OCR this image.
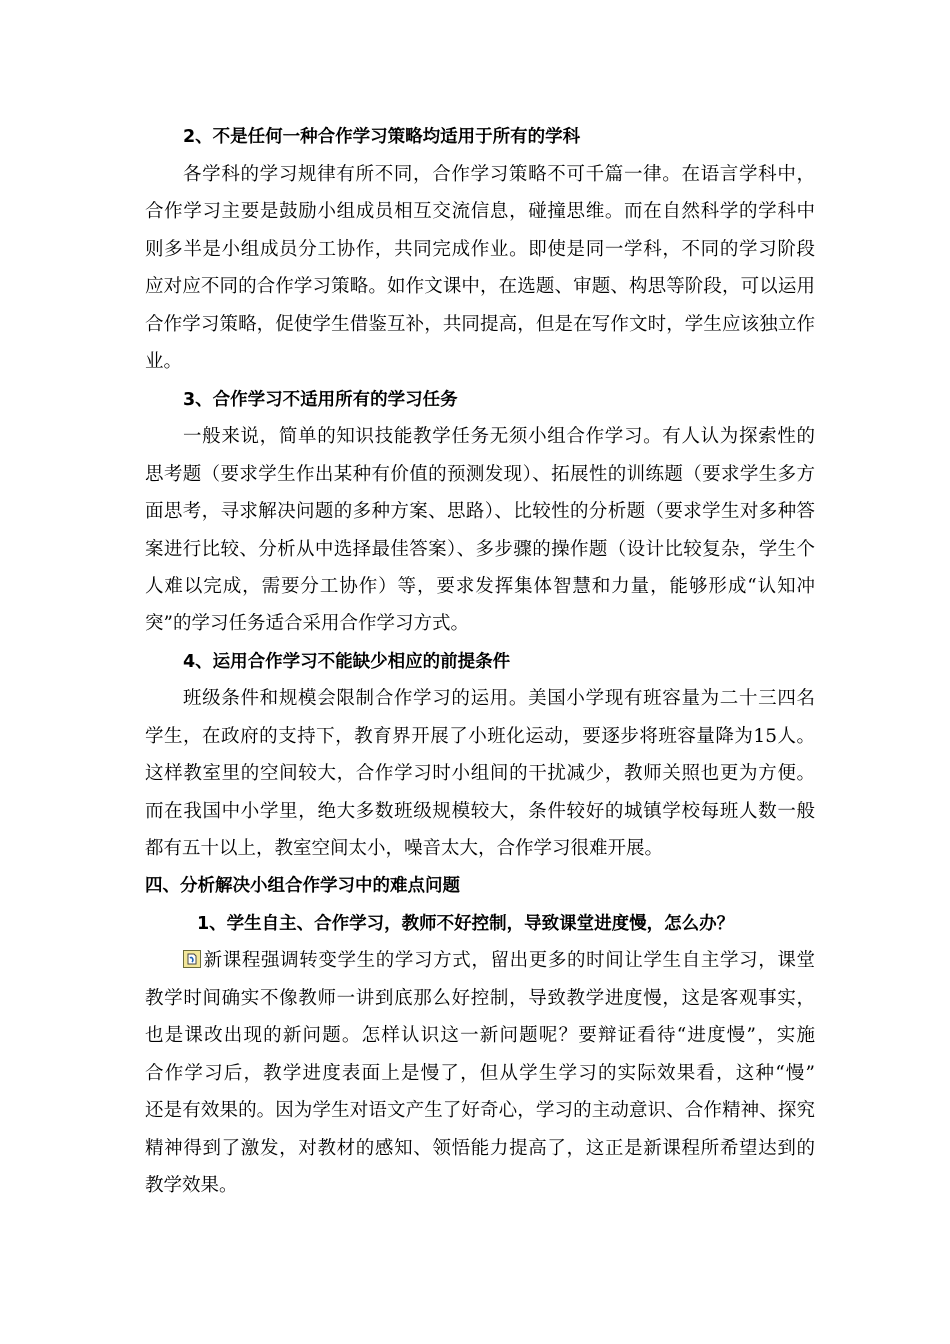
2、不是任何一种合作学习策略均适用于所有的学科
各学科的学习规律有所不同，合作学习策略不可千篇一律。在语言学科中，
合作学习主要是鼓励小组成员相互交流信息，碰撞思维。而在自然科学的学科中
则多半是小组成员分工协作，共同完成作业。即使是同一学科，不同的学习阶段
应对应不同的合作学习策略。如作文课中，在选题、审题、构思等阶段，可以运用
合作学习策略，促使学生借鉴互补，共同提高，但是在写作文时，学生应该独立作
业。
3、合作学习不适用所有的学习任务
一般来说，简单的知识技能教学任务无须小组合作学习。有人认为探索性的
思考题（要求学生作出某种有价值的预测发现）、拓展性的训练题（要求学生多方
面思考，寻求解决问题的多种方案、思路）、比较性的分析题（要求学生对多种答
案进行比较、分析从中选择最佳答案）、多步骤的操作题（设计比较复杂，学生个
人难以完成，需要分工协作）等，要求发挥集体智慧和力量，能够形成“认知冲
突”的学习任务适合采用合作学习方式。
4、运用合作学习不能缺少相应的前提条件
班级条件和规模会限制合作学习的运用。美国小学现有班容量为二十三四名
学生，在政府的支持下，教育界开展了小班化运动，要逐步将班容量降为15人。
这样教室里的空间较大，合作学习时小组间的干扰减少，教师关照也更为方便。
而在我国中小学里，绝大多数班级规模较大，条件较好的城镇学校每班人数一般
都有五十以上，教室空间太小，噪音太大，合作学习很难开展。
四、分析解决小组合作学习中的难点问题
1、学生自主、合作学习，教师不好控制，导致课堂进度慢，怎么办？
新课程强调转变学生的学习方式，留出更多的时间让学生自主学习，课堂
教学时间确实不像教师一讲到底那么好控制，导致教学进度慢，这是客观事实，
也是课改出现的新问题。怎样认识这一新问题呢？要辩证看待“进度慢”，实施
合作学习后，教学进度表面上是慢了，但从学生学习的实际效果看，这种“慢”
还是有效果的。因为学生对语文产生了好奇心，学习的主动意识、合作精神、探究
精神得到了激发，对教材的感知、领悟能力提高了，这正是新课程所希望达到的
教学效果。
